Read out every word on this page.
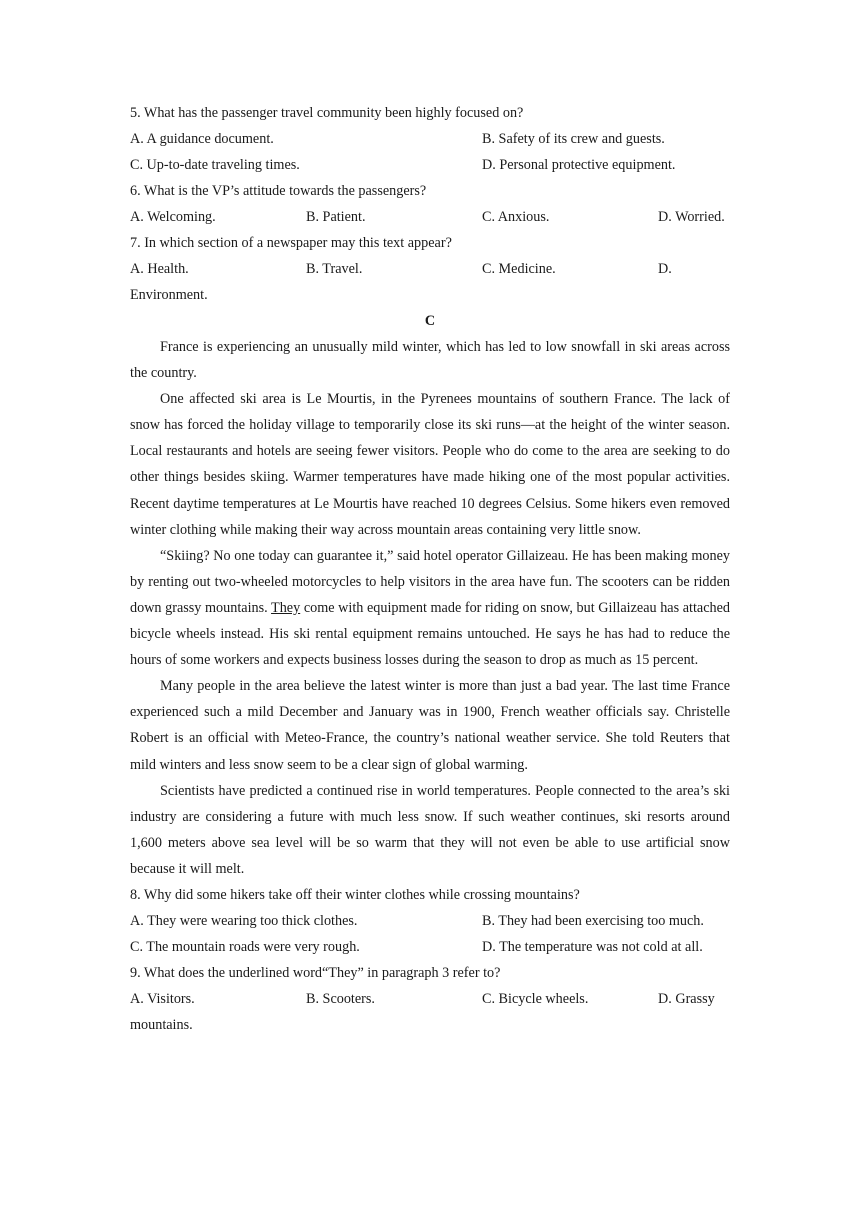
5. What has the passenger travel community been highly focused on?
A. A guidance document.	B. Safety of its crew and guests.
C. Up-to-date traveling times.	D. Personal protective equipment.
6. What is the VP’s attitude towards the passengers?
A. Welcoming.	B. Patient.	C. Anxious.	D. Worried.
7. In which section of a newspaper may this text appear?
A. Health.	B. Travel.	C. Medicine.	D.
Environment.
C

France is experiencing an unusually mild winter, which has led to low snowfall in ski areas across the country.

One affected ski area is Le Mourtis, in the Pyrenees mountains of southern France. The lack of snow has forced the holiday village to temporarily close its ski runs—at the height of the winter season. Local restaurants and hotels are seeing fewer visitors. People who do come to the area are seeking to do other things besides skiing. Warmer temperatures have made hiking one of the most popular activities. Recent daytime temperatures at Le Mourtis have reached 10 degrees Celsius. Some hikers even removed winter clothing while making their way across mountain areas containing very little snow.

“Skiing? No one today can guarantee it,” said hotel operator Gillaizeau. He has been making money by renting out two-wheeled motorcycles to help visitors in the area have fun. The scooters can be ridden down grassy mountains. They come with equipment made for riding on snow, but Gillaizeau has attached bicycle wheels instead. His ski rental equipment remains untouched. He says he has had to reduce the hours of some workers and expects business losses during the season to drop as much as 15 percent.

Many people in the area believe the latest winter is more than just a bad year. The last time France experienced such a mild December and January was in 1900, French weather officials say. Christelle Robert is an official with Meteo-France, the country’s national weather service. She told Reuters that mild winters and less snow seem to be a clear sign of global warming.

Scientists have predicted a continued rise in world temperatures. People connected to the area’s ski industry are considering a future with much less snow. If such weather continues, ski resorts around 1,600 meters above sea level will be so warm that they will not even be able to use artificial snow because it will melt.

8. Why did some hikers take off their winter clothes while crossing mountains?
A. They were wearing too thick clothes.	B. They had been exercising too much.
C. The mountain roads were very rough.	D. The temperature was not cold at all.
9. What does the underlined word“They” in paragraph 3 refer to?
A. Visitors.	B. Scooters.	C. Bicycle wheels.	D. Grassy
mountains.
